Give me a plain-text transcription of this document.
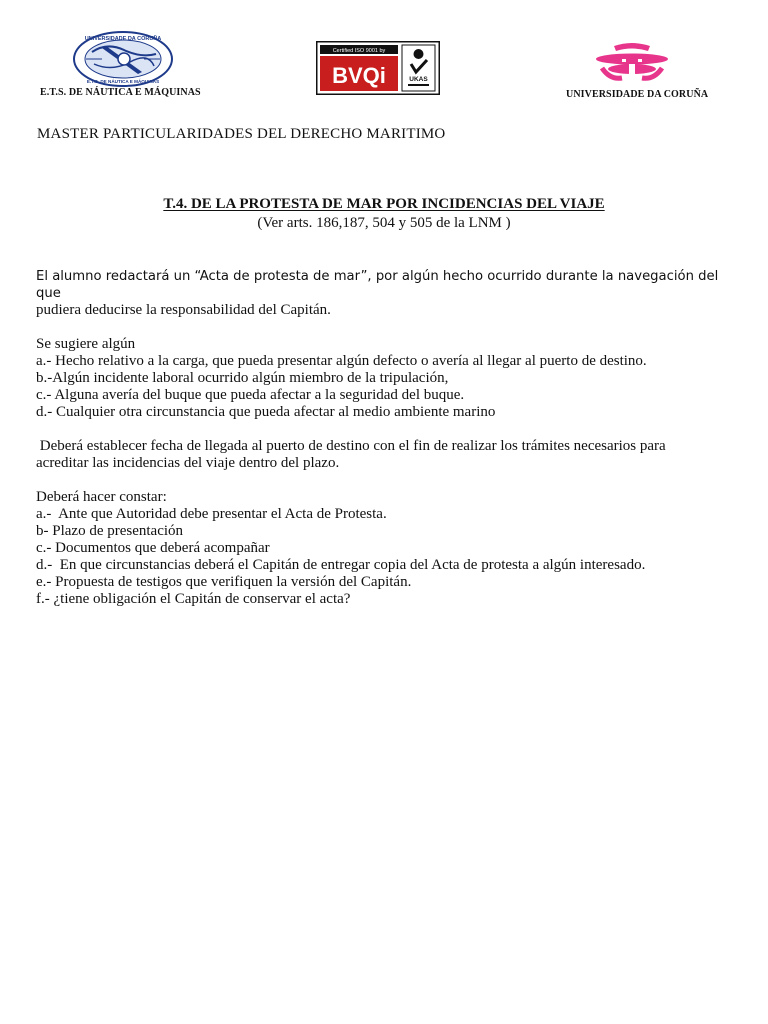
UNIVERSIDADE DA CORUÑA
E.T.S. DE NÁUTICA E MÁQUINAS
Certified ISO 9001 by
BVQi	UKAS
E.T.S. DE NÁUTICA E MÁQUINAS	UNIVERSIDADE DA CORUÑA
MASTER PARTICULARIDADES DEL DERECHO MARITIMO
T.4. DE LA PROTESTA DE MAR POR INCIDENCIAS DEL VIAJE
(Ver arts. 186,187, 504 y 505 de la LNM )

El alumno redactará un “Acta de protesta de mar”, por algún hecho ocurrido durante la navegación del que

pudiera deducirse la responsabilidad del Capitán.

Se sugiere algún

a.- Hecho relativo a la carga, que pueda presentar algún defecto o avería al llegar al puerto de destino.

b.-Algún incidente laboral ocurrido algún miembro de la tripulación,

c.- Alguna avería del buque que pueda afectar a la seguridad del buque.

d.- Cualquier otra circunstancia que pueda afectar al medio ambiente marino

Deberá establecer fecha de llegada al puerto de destino con el fin de realizar los trámites necesarios para

acreditar las incidencias del viaje dentro del plazo.

Deberá hacer constar:

a.-  Ante que Autoridad debe presentar el Acta de Protesta.

b- Plazo de presentación

c.- Documentos que deberá acompañar

d.-  En que circunstancias deberá el Capitán de entregar copia del Acta de protesta a algún interesado.

e.- Propuesta de testigos que verifiquen la versión del Capitán.

f.- ¿tiene obligación el Capitán de conservar el acta?
